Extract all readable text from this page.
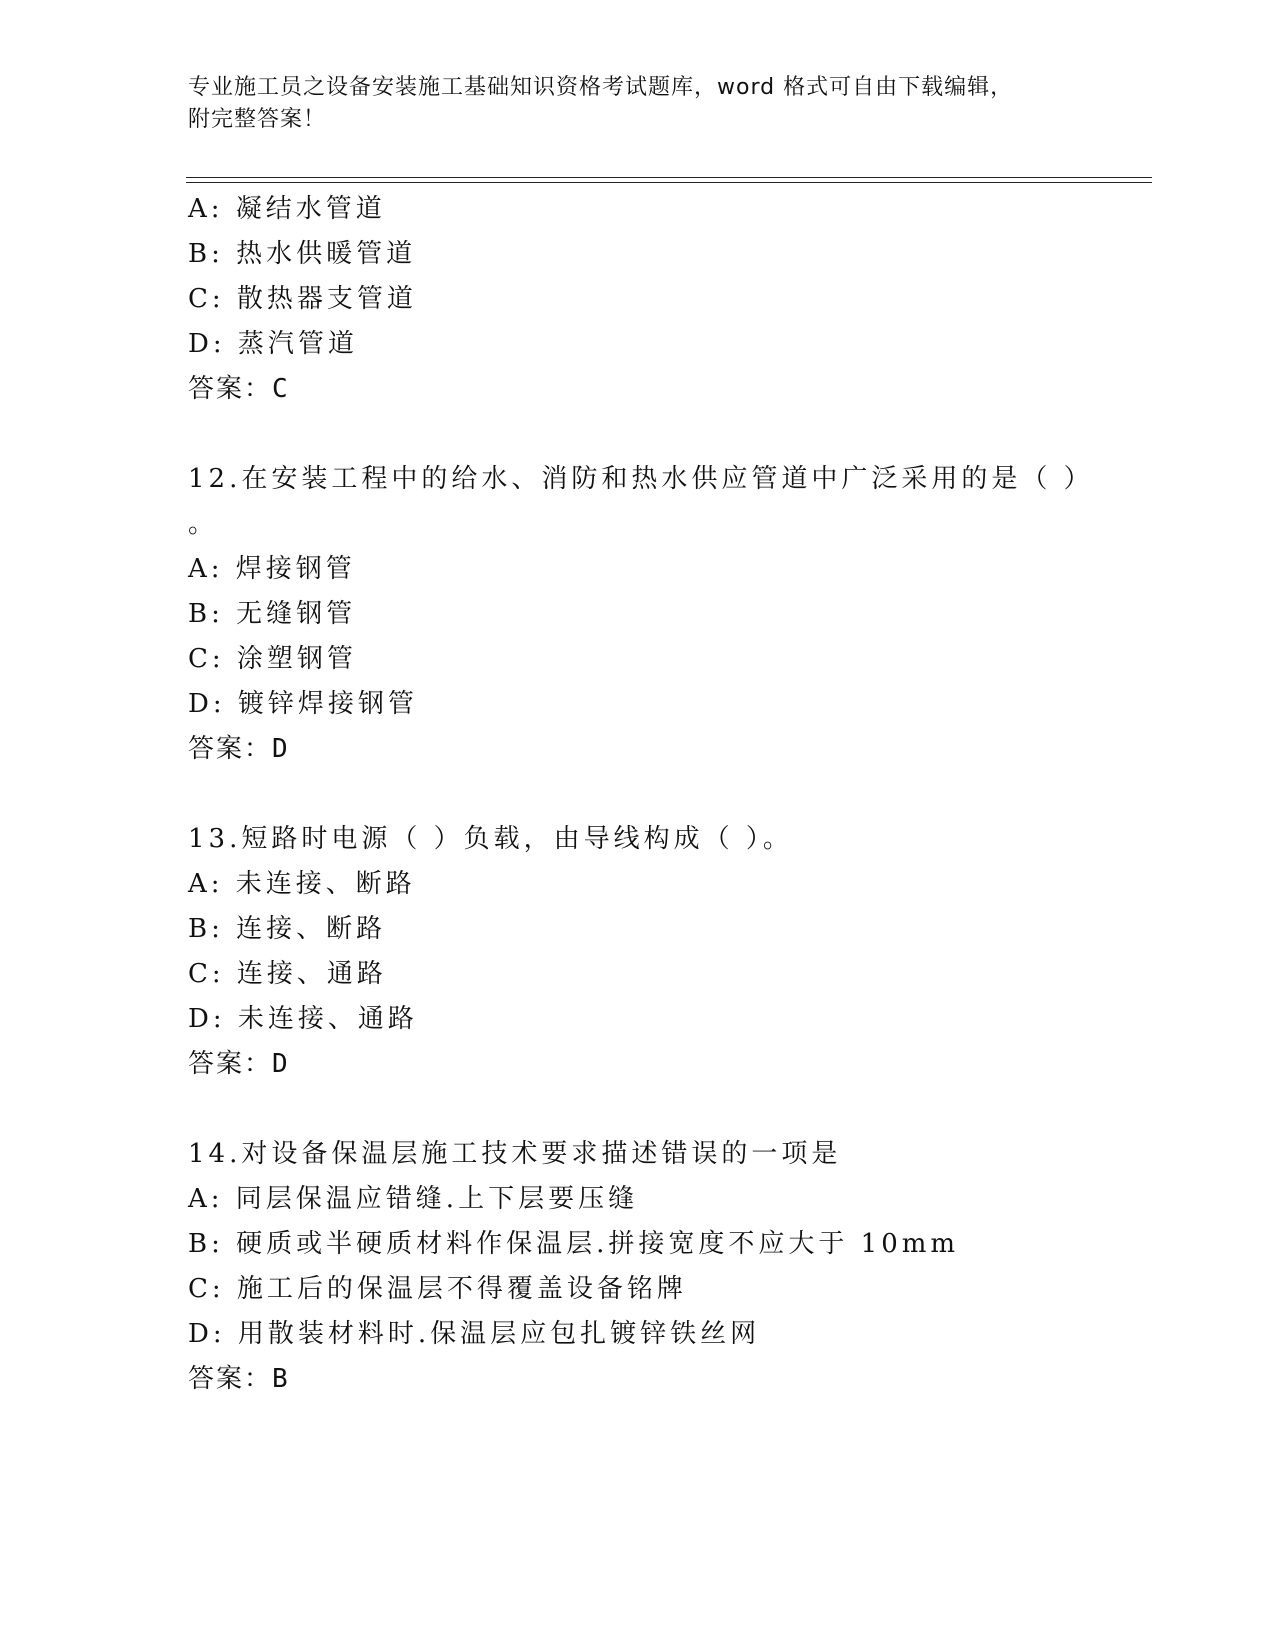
专业施工员之设备安装施工基础知识资格考试题库，word 格式可自由下载编辑，
附完整答案！
A: 凝结水管道
B: 热水供暖管道
C: 散热器支管道
D: 蒸汽管道
答案：C
12.在安装工程中的给水、消防和热水供应管道中广泛采用的是（ ）
。
A: 焊接钢管
B: 无缝钢管
C: 涂塑钢管
D: 镀锌焊接钢管
答案：D
13.短路时电源（ ）负载，由导线构成（ ）。
A: 未连接、断路
B: 连接、断路
C: 连接、通路
D: 未连接、通路
答案：D
14.对设备保温层施工技术要求描述错误的一项是
A: 同层保温应错缝.上下层要压缝
B: 硬质或半硬质材料作保温层.拼接宽度不应大于 10mm
C: 施工后的保温层不得覆盖设备铭牌
D: 用散装材料时.保温层应包扎镀锌铁丝网
答案：B
